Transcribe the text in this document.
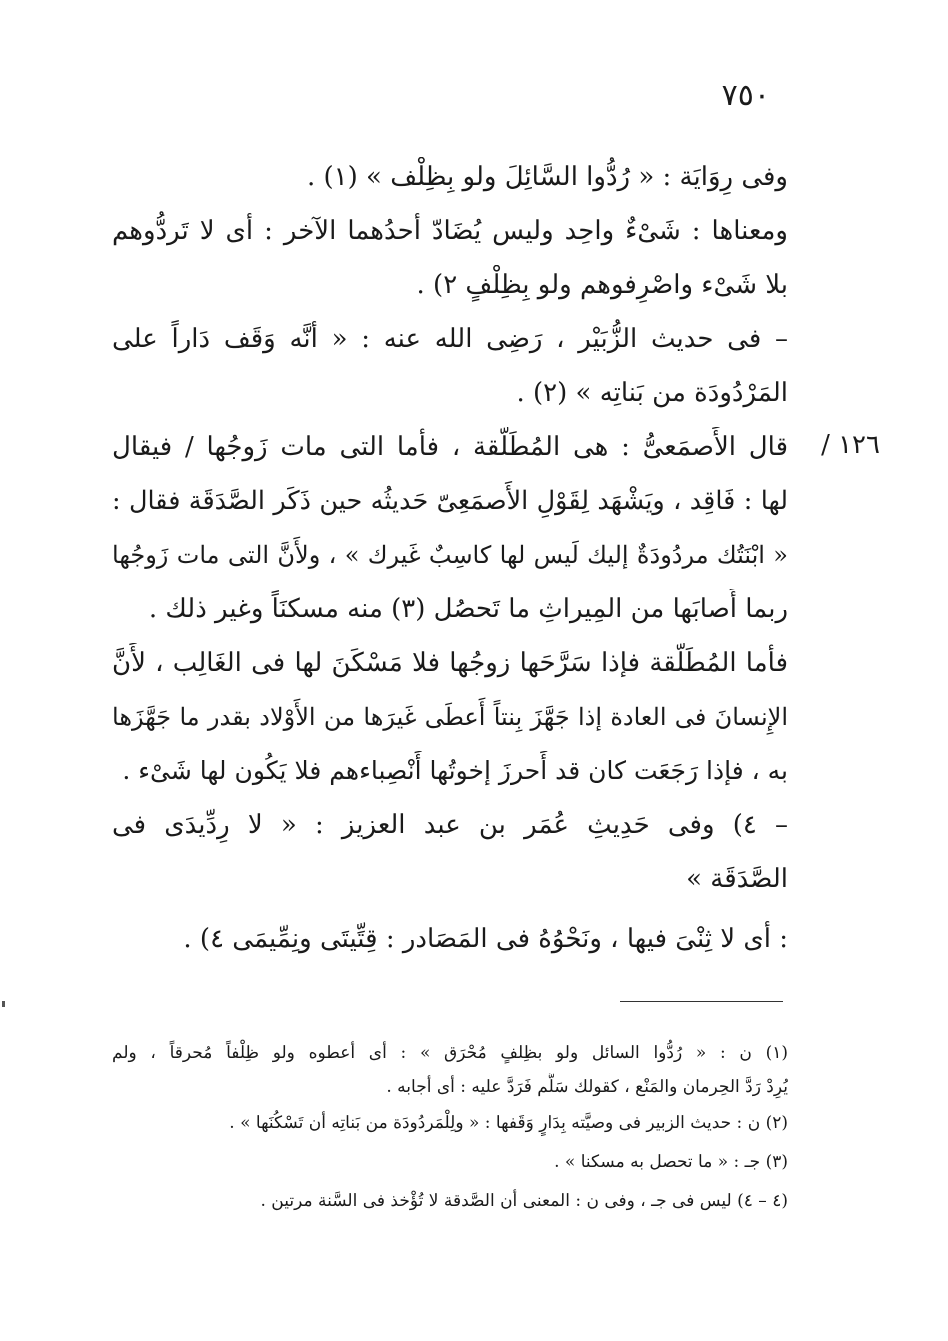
٧٥٠
وفى رِوَايَة : « رُدُّوا السَّائِلَ ولو بِظِلْف » (١) .
ومعناها : شَىْءٌ واحِد وليس يُضَادّ أحدُهما الآخر : أى لا تَردُّوهم
بلا شَىْء واصْرِفوهم ولو بِظِلْفٍ ٢) .
– فى حديث الزُّبَيْر ، رَضِى الله عنه : « أنَّه وَقَف دَاراً على
المَرْدُودَة من بَناتِه » (٢) .
١٢٦ /
قال الأَصمَعىُّ : هى المُطَلَّقة ، فأما التى مات زَوجُها / فيقال
لها : فَاقِد ، ويَشْهَد لِقَوْلِ الأَصمَعِىّ حَديثُه حين ذَكَر الصَّدَقَة فقال :
« ابْنَتُك مردُودَةٌ إليك لَيس لها كاسِبٌ غَيرك » ، ولأَنَّ التى مات زَوجُها
ربما أَصابَها من المِيراثِ ما تَحصُل (٣) منه مسكنَاً وغير ذلك .
فأما المُطَلَّقة فإذا سَرَّحَها زوجُها فلا مَسْكَنَ لها فى الغَالِب ، لأَنَّ
الإِنسانَ فى العادة إذا جَهَّزَ بِنتاً أَعطَى غَيرَها من الأَوْلاد بقدر ما جَهَّزَها
به ، فإذا رَجَعَت كان قد أَحرزَ إخوتُها أَنْصِباءهم فلا يَكُون لها شَىْء .
– ٤) وفى حَدِيثِ عُمَر بن عبد العزيز : « لا رِدِّيدَى فى
الصَّدَقَة »
: أى لا ثِنْىَ فيها ، ونَحْوُهُ فى المَصَادر : قِتِّيتَى ونِمِّيمَى ٤) .
(١) ن : « رُدُّوا السائل ولو بظِلفٍ مُحْرَق » : أى أعطوه ولو ظِلْفاً مُحرقاً ، ولم
يُرِدْ رَدَّ الحِرمان والمَنْع ، كقولك سَلَّم فَرَدَّ عليه : أى أجابه .
(٢) ن : حديث الزبير فى وصيَّته بِدَارٍ وَقَفها : « ولِلْمَردُودَة من بَناتِه أن تَسْكُنَها » .
(٣) جـ : « ما تحصل به مسكنا » .
(٤ – ٤) ليس فى جـ ، وفى ن : المعنى أن الصَّدقة لا تُؤْخذ فى السَّنة مرتين .
